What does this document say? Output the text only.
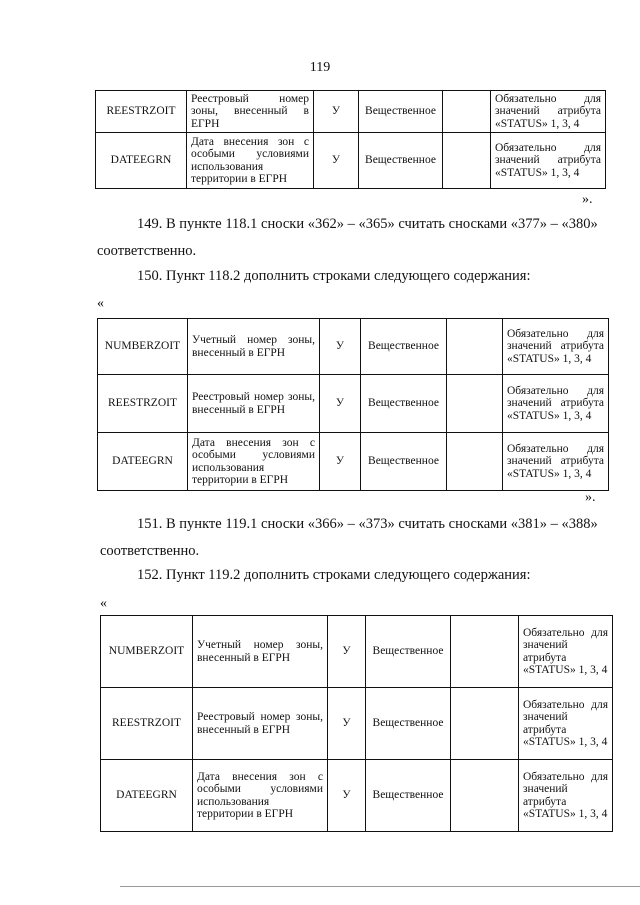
119
REESTRZOIT	Реестровый номер зоны, внесенный в ЕГРН	У	Вещественное		Обязательно для значений атрибута «STATUS» 1, 3, 4
DATEEGRN	Дата внесения зон с особыми условиями использования территории в ЕГРН	У	Вещественное		Обязательно для значений атрибута «STATUS» 1, 3, 4
».
149. В пункте 118.1 сноски «362» – «365» считать сносками «377» – «380»
соответственно.
150. Пункт 118.2 дополнить строками следующего содержания:
«
NUMBERZOIT	Учетный номер зоны, внесенный в ЕГРН	У	Вещественное		Обязательно для значений атрибута «STATUS» 1, 3, 4
REESTRZOIT	Реестровый номер зоны, внесенный в ЕГРН	У	Вещественное		Обязательно для значений атрибута «STATUS» 1, 3, 4
DATEEGRN	Дата внесения зон с особыми условиями использования территории в ЕГРН	У	Вещественное		Обязательно для значений атрибута «STATUS» 1, 3, 4
».
151. В пункте 119.1 сноски «366» – «373» считать сносками «381» – «388»
соответственно.
152. Пункт 119.2 дополнить строками следующего содержания:
«
NUMBERZOIT	Учетный номер зоны, внесенный в ЕГРН	У	Вещественное		Обязательно для значений атрибута «STATUS» 1, 3, 4
REESTRZOIT	Реестровый номер зоны, внесенный в ЕГРН	У	Вещественное		Обязательно для значений атрибута «STATUS» 1, 3, 4
DATEEGRN	Дата внесения зон с особыми условиями использования территории в ЕГРН	У	Вещественное		Обязательно для значений атрибута «STATUS» 1, 3, 4
